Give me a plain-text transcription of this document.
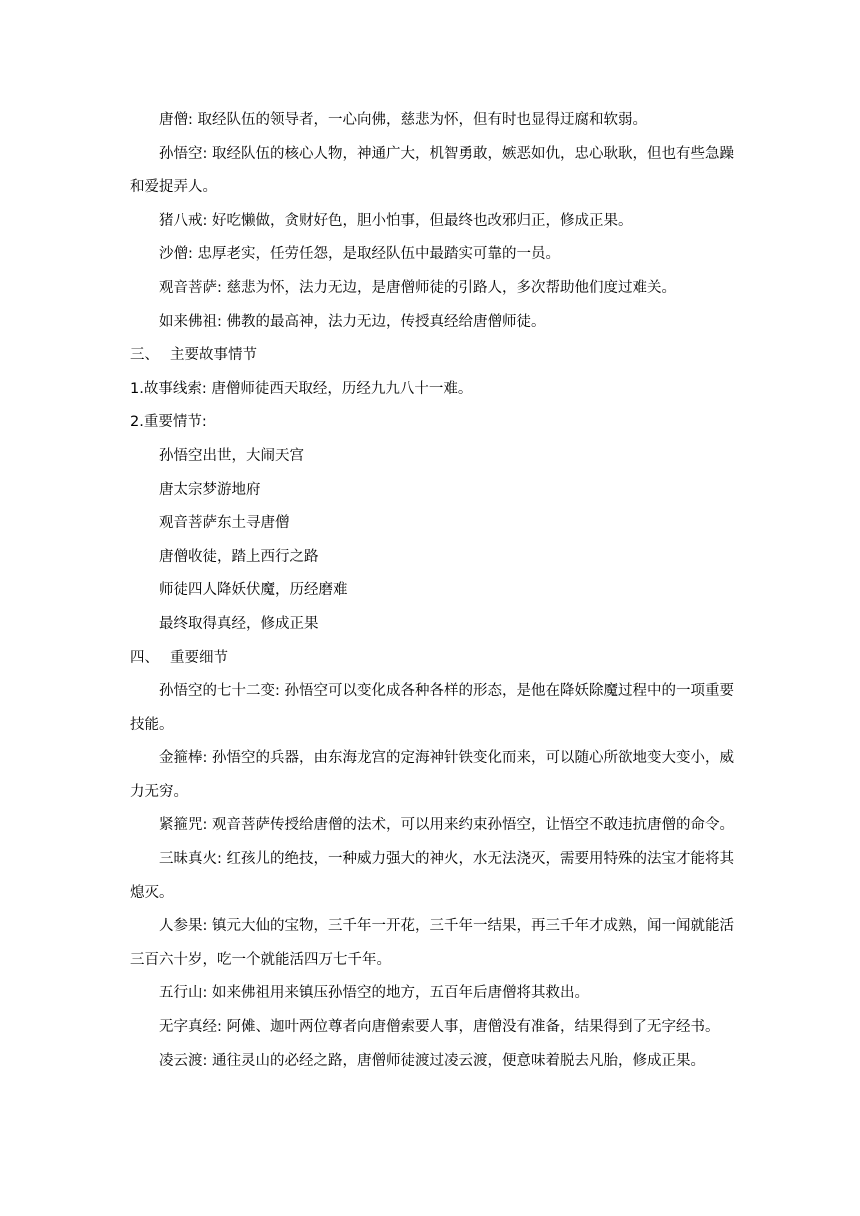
唐僧: 取经队伍的领导者，一心向佛，慈悲为怀，但有时也显得迂腐和软弱。
孙悟空: 取经队伍的核心人物，神通广大，机智勇敢，嫉恶如仇，忠心耿耿，但也有些急躁和爱捉弄人。
猪八戒: 好吃懒做，贪财好色，胆小怕事，但最终也改邪归正，修成正果。
沙僧: 忠厚老实，任劳任怨，是取经队伍中最踏实可靠的一员。
观音菩萨: 慈悲为怀，法力无边，是唐僧师徒的引路人，多次帮助他们度过难关。
如来佛祖: 佛教的最高神，法力无边，传授真经给唐僧师徒。
三、 主要故事情节
1.故事线索: 唐僧师徒西天取经，历经九九八十一难。
2.重要情节:
孙悟空出世，大闹天宫
唐太宗梦游地府
观音菩萨东土寻唐僧
唐僧收徒，踏上西行之路
师徒四人降妖伏魔，历经磨难
最终取得真经，修成正果
四、 重要细节
孙悟空的七十二变: 孙悟空可以变化成各种各样的形态，是他在降妖除魔过程中的一项重要技能。
金箍棒: 孙悟空的兵器，由东海龙宫的定海神针铁变化而来，可以随心所欲地变大变小，威力无穷。
紧箍咒: 观音菩萨传授给唐僧的法术，可以用来约束孙悟空，让悟空不敢违抗唐僧的命令。
三昧真火: 红孩儿的绝技，一种威力强大的神火，水无法浇灭，需要用特殊的法宝才能将其熄灭。
人参果: 镇元大仙的宝物，三千年一开花，三千年一结果，再三千年才成熟，闻一闻就能活三百六十岁，吃一个就能活四万七千年。
五行山: 如来佛祖用来镇压孙悟空的地方，五百年后唐僧将其救出。
无字真经: 阿傩、迦叶两位尊者向唐僧索要人事，唐僧没有准备，结果得到了无字经书。
凌云渡: 通往灵山的必经之路，唐僧师徒渡过凌云渡，便意味着脱去凡胎，修成正果。
